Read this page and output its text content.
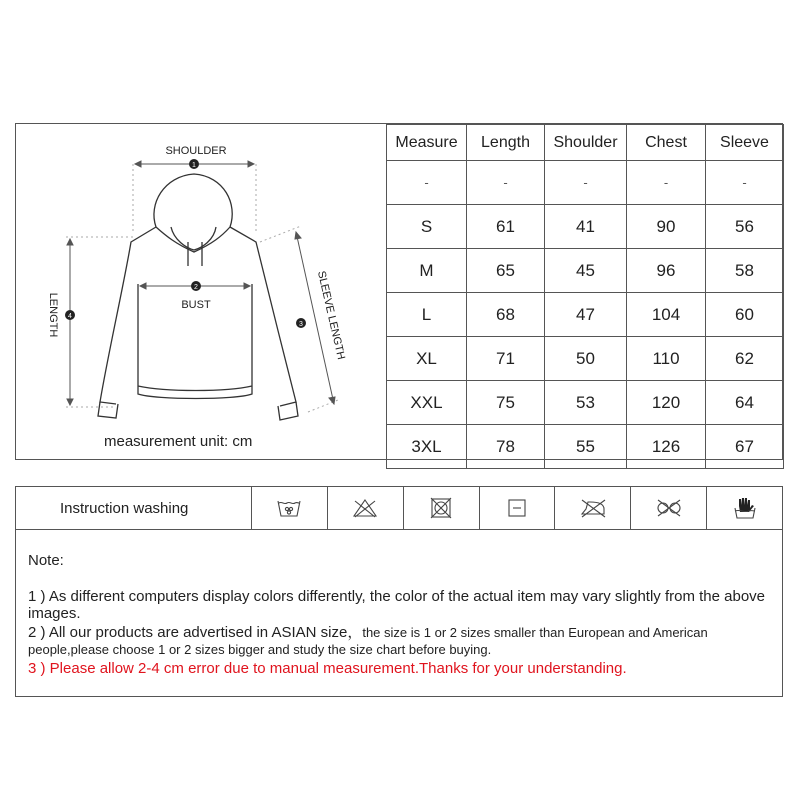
1
2
3
4
SHOULDER
BUST
LENGTH	SLEEVE LENGTH
measurement unit: cm
Measure	Length	Shoulder	Chest	Sleeve
-	-	-	-	-
S	61	41	90	56
M	65	45	96	58
L	68	47	104	60
XL	71	50	110	62
XXL	75	53	120	64
3XL	78	55	126	67
Instruction washing
Note:
1 ) As different computers display colors differently, the color of the actual item may vary slightly from the above images.
2 ) All our products are advertised in ASIAN size，the size is 1 or 2 sizes smaller than European and American people,please choose 1 or 2 sizes bigger and study the size chart before buying.
3 ) Please allow 2-4 cm error due to manual measurement.Thanks for your understanding.
